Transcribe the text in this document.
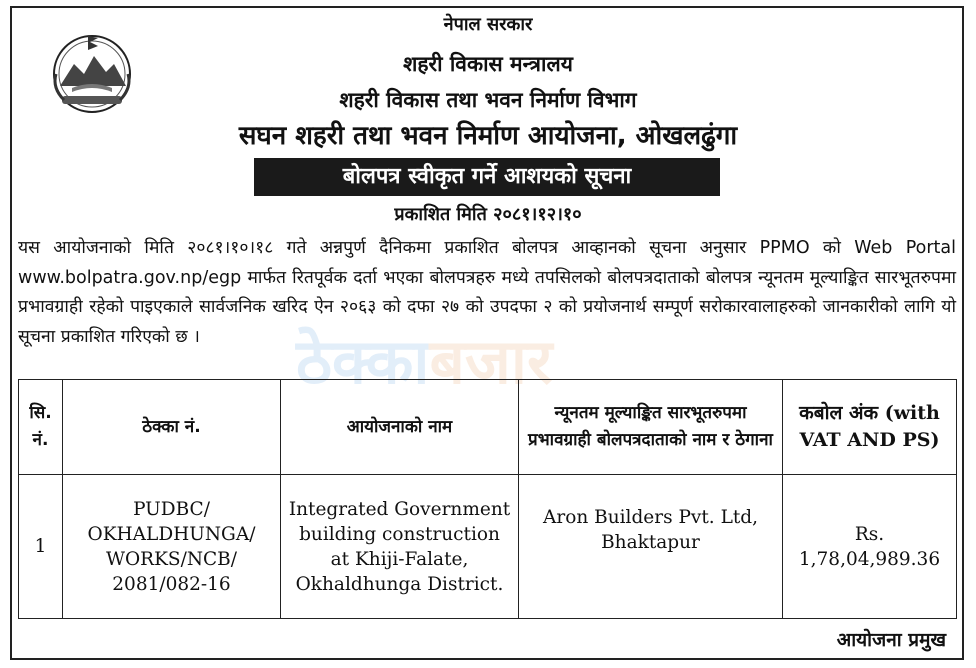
नेपाल सरकार
शहरी विकास मन्त्रालय
शहरी विकास तथा भवन निर्माण विभाग
सघन शहरी तथा भवन निर्माण आयोजना, ओखलढुंगा
बोलपत्र स्वीकृत गर्ने आशयको सूचना
प्रकाशित मिति २०८१।१२।१०
यस आयोजनाको मिति २०८१।१०।१८ गते अन्नपुर्ण दैनिकमा प्रकाशित बोलपत्र आव्हानको सूचना अनुसार PPMO को Web Portal www.bolpatra.gov.np/egp मार्फत रितपूर्वक दर्ता भएका बोलपत्रहरु मध्ये तपसिलको बोलपत्रदाताको बोलपत्र न्यूनतम मूल्याङ्कित सारभूतरुपमा प्रभावग्राही रहेको पाइएकाले सार्वजनिक खरिद ऐन २०६३ को दफा २७ को उपदफा २ को प्रयोजनार्थ सम्पूर्ण सरोकारवालाहरुको जानकारीको लागि यो सूचना प्रकाशित गरिएको छ ।	ठेक्काबजार
सि. नं.	ठेक्का नं.	आयोजनाको नाम	न्यूनतम मूल्याङ्कित सारभूतरुपमा प्रभावग्राही बोलपत्रदाताको नाम र ठेगाना	कबोल अंक (with VAT AND PS)
1	PUDBC/ OKHALDHUNGA/ WORKS/NCB/ 2081/082-16	Integrated Government building construction at Khiji-Falate, Okhaldhunga District.	Aron Builders Pvt. Ltd, Bhaktapur	Rs. 1,78,04,989.36
आयोजना प्रमुख
